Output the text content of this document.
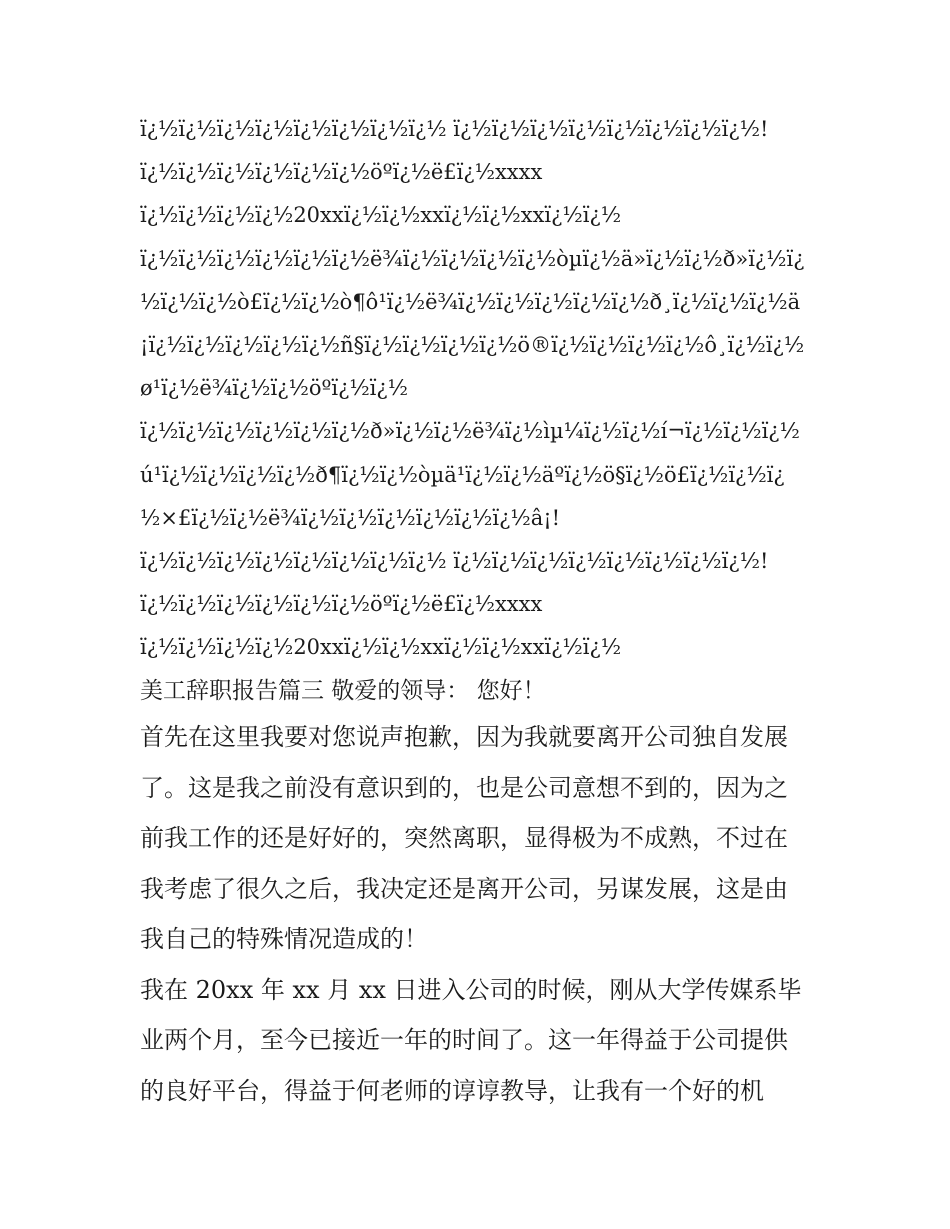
ï¿½ï¿½ï¿½ï¿½ï¿½ï¿½ï¿½ï¿½ ï¿½ï¿½ï¿½ï¿½ï¿½ï¿½ï¿½ï¿½!
ï¿½ï¿½ï¿½ï¿½ï¿½ï¿½öºï¿½ë£ï¿½xxxx
ï¿½ï¿½ï¿½ï¿½20xxï¿½ï¿½xxï¿½ï¿½xxï¿½ï¿½
ï¿½ï¿½ï¿½ï¿½ï¿½ï¿½ë¾ï¿½ï¿½ï¿½ï¿½òµï¿½ä»ï¿½ï¿½ð»ï¿½ï¿
½ï¿½ï¿½ò£ï¿½ï¿½ò¶ô¹ï¿½ë¾ï¿½ï¿½ï¿½ï¿½ï¿½ð¸ï¿½ï¿½ï¿½ä
¡ï¿½ï¿½ï¿½ï¿½ï¿½ñ§ï¿½ï¿½ï¿½ï¿½ö®ï¿½ï¿½ï¿½ï¿½ô¸ï¿½ï¿½
ø¹ï¿½ë¾ï¿½ï¿½öºï¿½ï¿½
ï¿½ï¿½ï¿½ï¿½ï¿½ï¿½ð»ï¿½ï¿½ë¾ï¿½ìµ¼ï¿½ï¿½í¬ï¿½ï¿½ï¿½
ú¹ï¿½ï¿½ï¿½ï¿½ð¶ï¿½ï¿½òµä¹ï¿½ï¿½äºï¿½ö§ï¿½ö£ï¿½ï¿½ï¿
½×£ï¿½ï¿½ë¾ï¿½ï¿½ï¿½ï¿½ï¿½ï¿½â¡!
ï¿½ï¿½ï¿½ï¿½ï¿½ï¿½ï¿½ï¿½ ï¿½ï¿½ï¿½ï¿½ï¿½ï¿½ï¿½ï¿½!
ï¿½ï¿½ï¿½ï¿½ï¿½ï¿½öºï¿½ë£ï¿½xxxx
ï¿½ï¿½ï¿½ï¿½20xxï¿½ï¿½xxï¿½ï¿½xxï¿½ï¿½
美工辞职报告篇三 敬爱的领导： 您好！
首先在这里我要对您说声抱歉，因为我就要离开公司独自发展
了。这是我之前没有意识到的，也是公司意想不到的，因为之
前我工作的还是好好的，突然离职，显得极为不成熟，不过在
我考虑了很久之后，我决定还是离开公司，另谋发展，这是由
我自己的特殊情况造成的！
我在 20xx 年 xx 月 xx 日进入公司的时候，刚从大学传媒系毕
业两个月，至今已接近一年的时间了。这一年得益于公司提供
的良好平台，得益于何老师的谆谆教导，让我有一个好的机
